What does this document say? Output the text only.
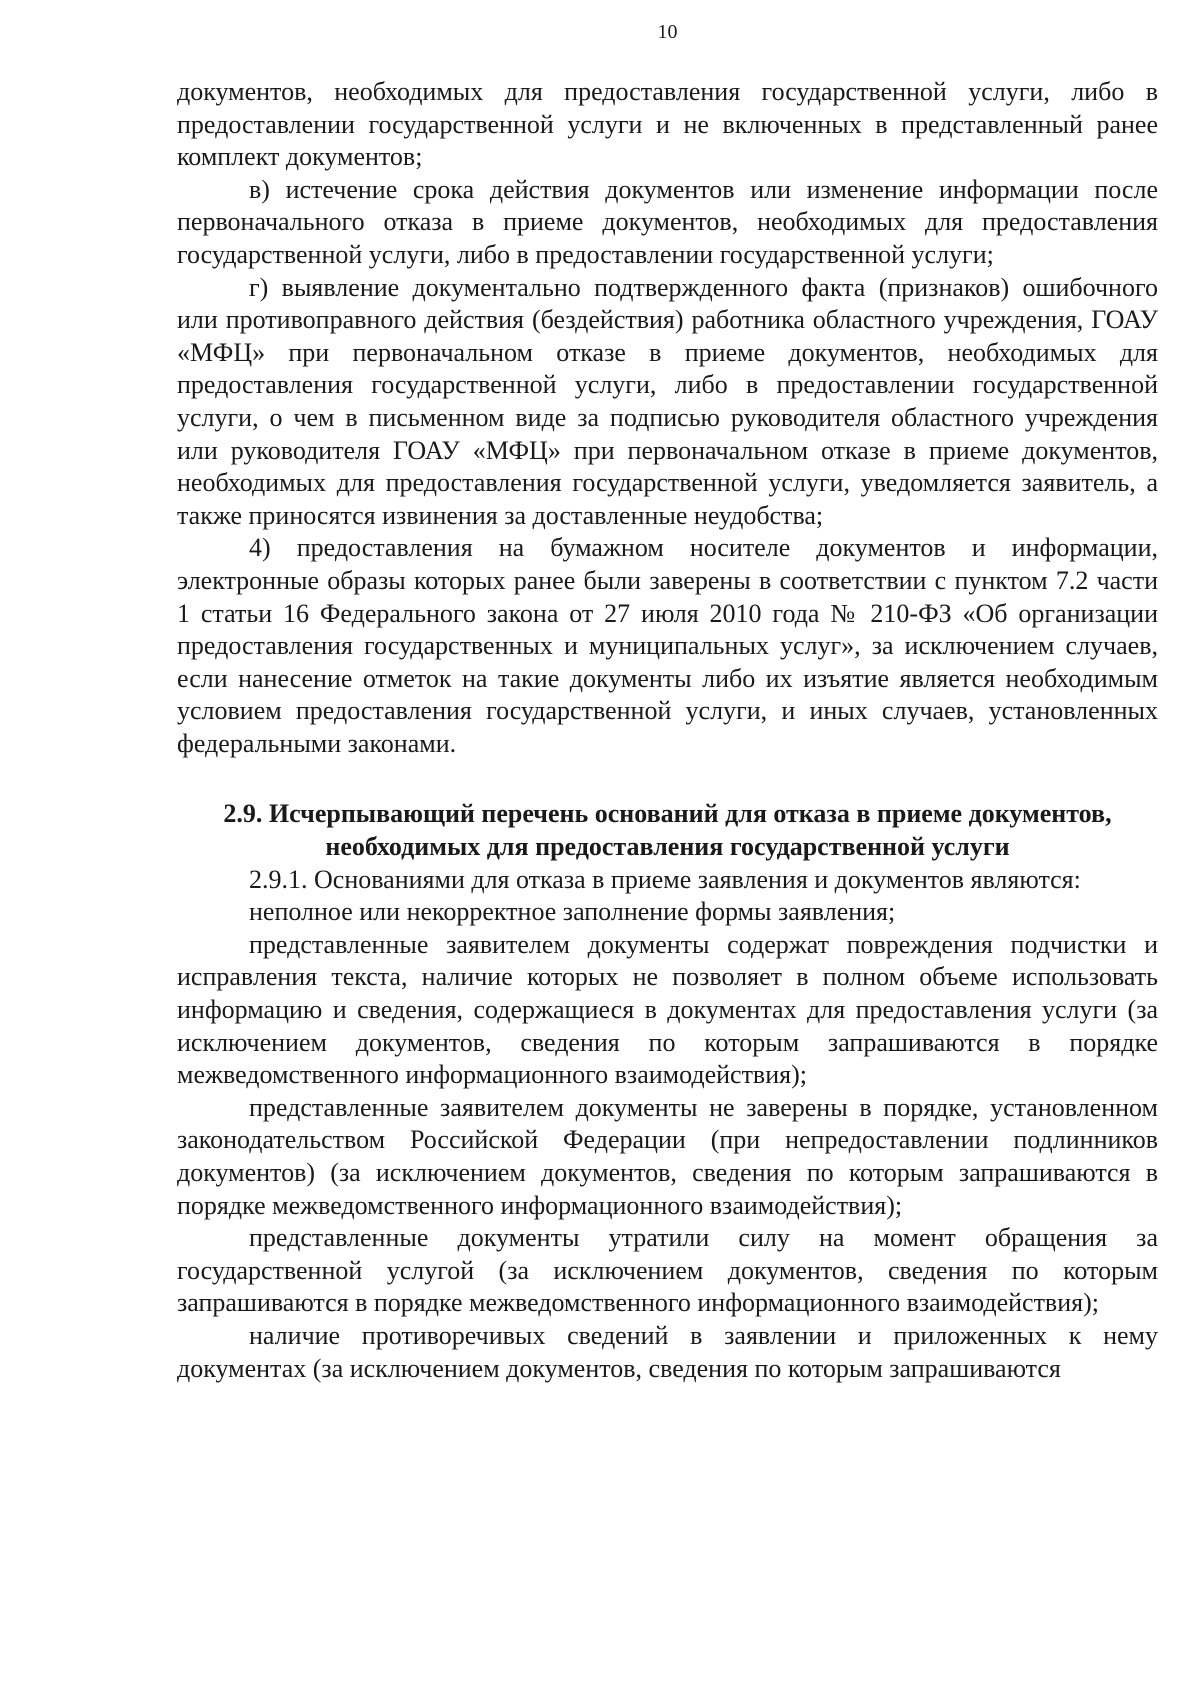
10

документов, необходимых для предоставления государственной услуги, либо в предоставлении государственной услуги и не включенных в представленный ранее комплект документов;

в) истечение срока действия документов или изменение информации после первоначального отказа в приеме документов, необходимых для предоставления государственной услуги, либо в предоставлении государственной услуги;

г) выявление документально подтвержденного факта (признаков) ошибочного или противоправного действия (бездействия) работника областного учреждения, ГОАУ «МФЦ» при первоначальном отказе в приеме документов, необходимых для предоставления государственной услуги, либо в предоставлении государственной услуги, о чем в письменном виде за подписью руководителя областного учреждения или руководителя ГОАУ «МФЦ» при первоначальном отказе в приеме документов, необходимых для предоставления государственной услуги, уведомляется заявитель, а также приносятся извинения за доставленные неудобства;

4) предоставления на бумажном носителе документов и информации, электронные образы которых ранее были заверены в соответствии с пунктом 7.2 части 1 статьи 16 Федерального закона от 27 июля 2010 года № 210-ФЗ «Об организации предоставления государственных и муниципальных услуг», за исключением случаев, если нанесение отметок на такие документы либо их изъятие является необходимым условием предоставления государственной услуги, и иных случаев, установленных федеральными законами.

2.9. Исчерпывающий перечень оснований для отказа в приеме документов,
необходимых для предоставления государственной услуги

2.9.1. Основаниями для отказа в приеме заявления и документов являются:

неполное или некорректное заполнение формы заявления;

представленные заявителем документы содержат повреждения подчистки и исправления текста, наличие которых не позволяет в полном объеме использовать информацию и сведения, содержащиеся в документах для предоставления услуги (за исключением документов, сведения по которым запрашиваются в порядке межведомственного информационного взаимодействия);

представленные заявителем документы не заверены в порядке, установленном законодательством Российской Федерации (при непредоставлении подлинников документов) (за исключением документов, сведения по которым запрашиваются в порядке межведомственного информационного взаимодействия);

представленные документы утратили силу на момент обращения за государственной услугой (за исключением документов, сведения по которым запрашиваются в порядке межведомственного информационного взаимодействия);

наличие противоречивых сведений в заявлении и приложенных к нему документах (за исключением документов, сведения по которым запрашиваются
